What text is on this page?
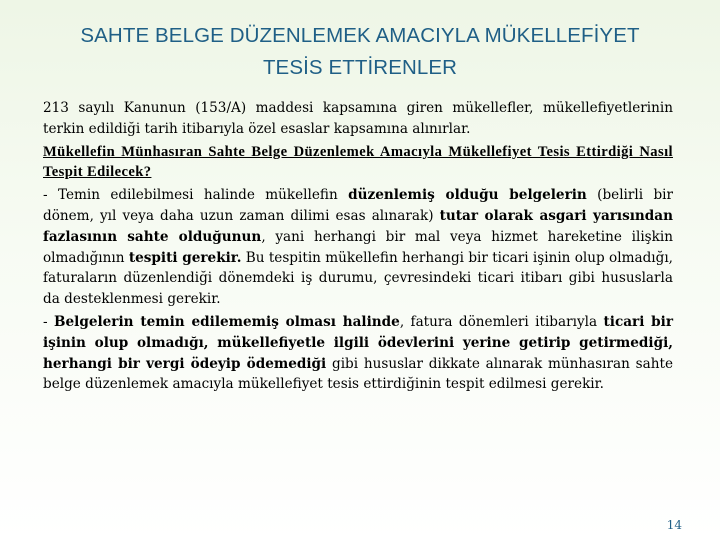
SAHTE BELGE DÜZENLEMEK AMACIYLA MÜKELLEFİYET
TESİS ETTİRENLER

213 sayılı Kanunun (153/A) maddesi kapsamına giren mükellefler, mükellefiyetlerinin terkin edildiği tarih itibarıyla özel esaslar kapsamına alınırlar.

Mükellefin Münhasıran Sahte Belge Düzenlemek Amacıyla Mükellefiyet Tesis Ettirdiği Nasıl Tespit Edilecek?

- Temin edilebilmesi halinde mükellefin düzenlemiş olduğu belgelerin (belirli bir dönem, yıl veya daha uzun zaman dilimi esas alınarak) tutar olarak asgari yarısından fazlasının sahte olduğunun, yani herhangi bir mal veya hizmet hareketine ilişkin olmadığının tespiti gerekir. Bu tespitin mükellefin herhangi bir ticari işinin olup olmadığı, faturaların düzenlendiği dönemdeki iş durumu, çevresindeki ticari itibarı gibi hususlarla da desteklenmesi gerekir.

- Belgelerin temin edilememiş olması halinde, fatura dönemleri itibarıyla ticari bir işinin olup olmadığı, mükellefiyetle ilgili ödevlerini yerine getirip getirmediği, herhangi bir vergi ödeyip ödemediği gibi hususlar dikkate alınarak münhasıran sahte belge düzenlemek amacıyla mükellefiyet tesis ettirdiğinin tespit edilmesi gerekir.

14
